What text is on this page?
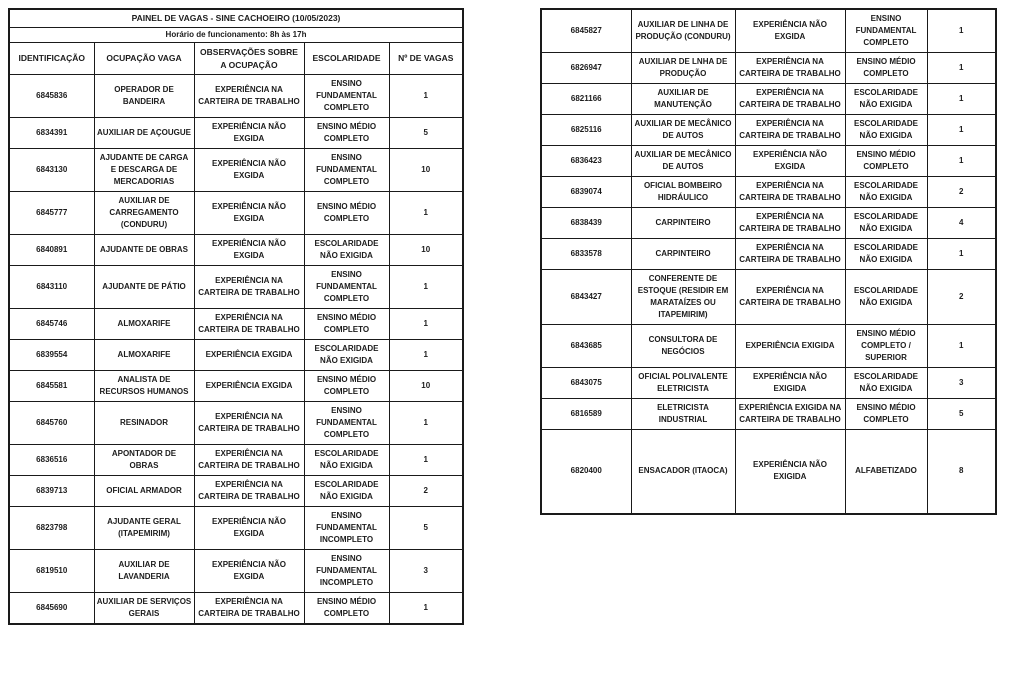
PAINEL DE VAGAS - SINE CACHOEIRO (10/05/2023)				
Horário de funcionamento: 8h às 17h				
IDENTIFICAÇÃO	OCUPAÇÃO VAGA	OBSERVAÇÕES SOBRE A OCUPAÇÃO	ESCOLARIDADE	Nº DE VAGAS
6845836	OPERADOR DE BANDEIRA	EXPERIÊNCIA NA CARTEIRA DE TRABALHO	ENSINO FUNDAMENTAL COMPLETO	1
6834391	AUXILIAR DE AÇOUGUE	EXPERIÊNCIA NÃO EXGIDA	ENSINO MÉDIO COMPLETO	5
6843130	AJUDANTE DE CARGA E DESCARGA DE MERCADORIAS	EXPERIÊNCIA NÃO EXGIDA	ENSINO FUNDAMENTAL COMPLETO	10
6845777	AUXILIAR DE CARREGAMENTO (CONDURU)	EXPERIÊNCIA NÃO EXGIDA	ENSINO MÉDIO COMPLETO	1
6840891	AJUDANTE DE OBRAS	EXPERIÊNCIA NÃO EXGIDA	ESCOLARIDADE NÃO EXIGIDA	10
6843110	AJUDANTE DE PÁTIO	EXPERIÊNCIA NA CARTEIRA DE TRABALHO	ENSINO FUNDAMENTAL COMPLETO	1
6845746	ALMOXARIFE	EXPERIÊNCIA NA CARTEIRA DE TRABALHO	ENSINO MÉDIO COMPLETO	1
6839554	ALMOXARIFE	EXPERIÊNCIA EXGIDA	ESCOLARIDADE NÃO EXIGIDA	1
6845581	ANALISTA DE RECURSOS HUMANOS	EXPERIÊNCIA EXGIDA	ENSINO MÉDIO COMPLETO	10
6845760	RESINADOR	EXPERIÊNCIA NA CARTEIRA DE TRABALHO	ENSINO FUNDAMENTAL COMPLETO	1
6836516	APONTADOR DE OBRAS	EXPERIÊNCIA NA CARTEIRA DE TRABALHO	ESCOLARIDADE NÃO EXIGIDA	1
6839713	OFICIAL ARMADOR	EXPERIÊNCIA NA CARTEIRA DE TRABALHO	ESCOLARIDADE NÃO EXIGIDA	2
6823798	AJUDANTE GERAL (ITAPEMIRIM)	EXPERIÊNCIA NÃO EXGIDA	ENSINO FUNDAMENTAL INCOMPLETO	5
6819510	AUXILIAR DE LAVANDERIA	EXPERIÊNCIA NÃO EXGIDA	ENSINO FUNDAMENTAL INCOMPLETO	3
6845690	AUXILIAR DE SERVIÇOS GERAIS	EXPERIÊNCIA NA CARTEIRA DE TRABALHO	ENSINO MÉDIO COMPLETO	1
6845827	AUXILIAR DE LINHA DE PRODUÇÃO (CONDURU)	EXPERIÊNCIA NÃO EXGIDA	ENSINO FUNDAMENTAL COMPLETO	1
6826947	AUXILIAR DE LNHA DE PRODUÇÃO	EXPERIÊNCIA NA CARTEIRA DE TRABALHO	ENSINO MÉDIO COMPLETO	1
6821166	AUXILIAR DE MANUTENÇÃO	EXPERIÊNCIA NA CARTEIRA DE TRABALHO	ESCOLARIDADE NÃO EXIGIDA	1
6825116	AUXILIAR DE MECÂNICO DE AUTOS	EXPERIÊNCIA NA CARTEIRA DE TRABALHO	ESCOLARIDADE NÃO EXIGIDA	1
6836423	AUXILIAR DE MECÂNICO DE AUTOS	EXPERIÊNCIA NÃO EXGIDA	ENSINO MÉDIO COMPLETO	1
6839074	OFICIAL BOMBEIRO HIDRÁULICO	EXPERIÊNCIA NA CARTEIRA DE TRABALHO	ESCOLARIDADE NÃO EXIGIDA	2
6838439	CARPINTEIRO	EXPERIÊNCIA NA CARTEIRA DE TRABALHO	ESCOLARIDADE NÃO EXIGIDA	4
6833578	CARPINTEIRO	EXPERIÊNCIA NA CARTEIRA DE TRABALHO	ESCOLARIDADE NÃO EXIGIDA	1
6843427	CONFERENTE DE ESTOQUE (RESIDIR EM MARATAÍZES OU ITAPEMIRIM)	EXPERIÊNCIA NA CARTEIRA DE TRABALHO	ESCOLARIDADE NÃO EXIGIDA	2
6843685	CONSULTORA DE NEGÓCIOS	EXPERIÊNCIA EXIGIDA	ENSINO MÉDIO COMPLETO / SUPERIOR	1
6843075	OFICIAL POLIVALENTE ELETRICISTA	EXPERIÊNCIA NÃO EXIGIDA	ESCOLARIDADE NÃO EXIGIDA	3
6816589	ELETRICISTA INDUSTRIAL	EXPERIÊNCIA EXIGIDA NA CARTEIRA DE TRABALHO	ENSINO MÉDIO COMPLETO	5
6820400	ENSACADOR (ITAOCA)	EXPERIÊNCIA NÃO EXIGIDA	ALFABETIZADO	8
